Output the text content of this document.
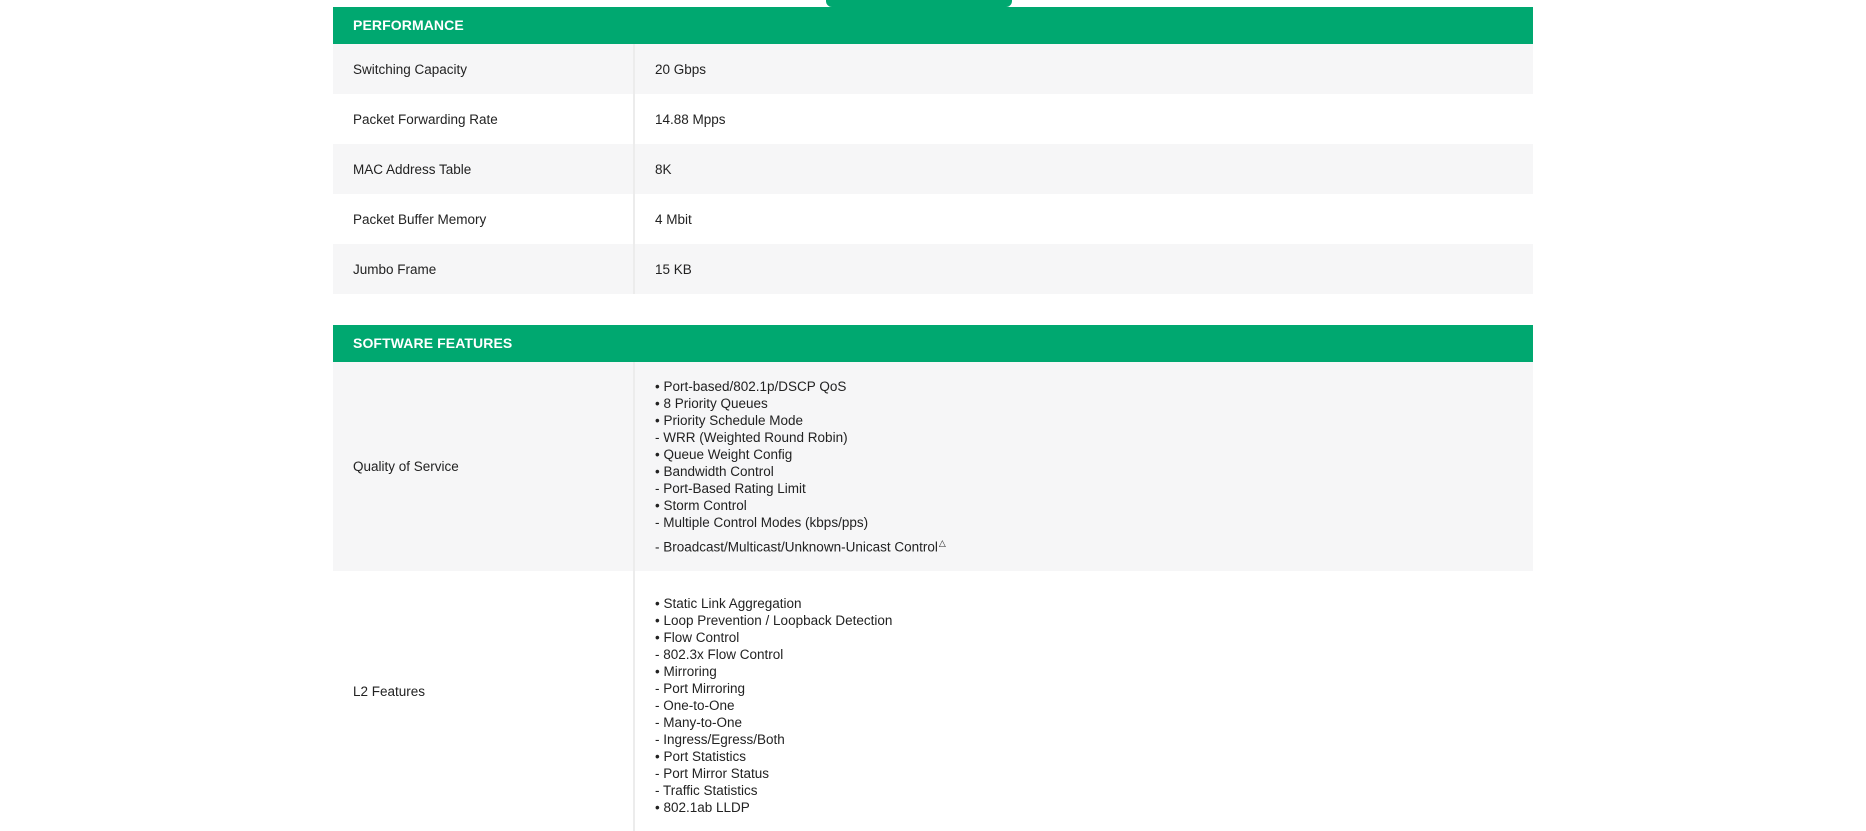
PERFORMANCE
Switching Capacity	20 Gbps
Packet Forwarding Rate	14.88 Mpps
MAC Address Table	8K
Packet Buffer Memory	4 Mbit
Jumbo Frame	15 KB
SOFTWARE FEATURES
Quality of Service
• Port-based/802.1p/DSCP QoS
• 8 Priority Queues
• Priority Schedule Mode
- WRR (Weighted Round Robin)
• Queue Weight Config
• Bandwidth Control
- Port-Based Rating Limit
• Storm Control
- Multiple Control Modes (kbps/pps)
- Broadcast/Multicast/Unknown-Unicast Control△
L2 Features
• Static Link Aggregation
• Loop Prevention / Loopback Detection
• Flow Control
- 802.3x Flow Control
• Mirroring
- Port Mirroring
- One-to-One
- Many-to-One
- Ingress/Egress/Both
• Port Statistics
- Port Mirror Status
- Traffic Statistics
• 802.1ab LLDP
